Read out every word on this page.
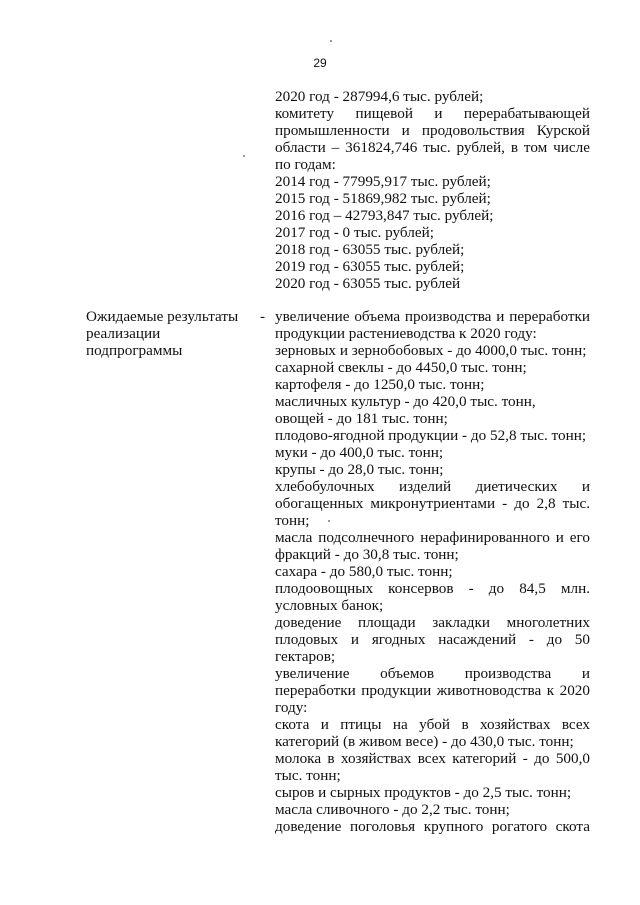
29
2020 год - 287994,6 тыс. рублей;
комитету пищевой и перерабатывающей
промышленности и продовольствия Курской
области – 361824,746 тыс. рублей, в том числе
по годам:
2014 год - 77995,917 тыс. рублей;
2015 год - 51869,982 тыс. рублей;
2016 год – 42793,847 тыс. рублей;
2017 год - 0 тыс. рублей;
2018 год - 63055 тыс. рублей;
2019 год - 63055 тыс. рублей;
2020 год - 63055 тыс. рублей
Ожидаемые результаты
реализации
подпрограммы
- увеличение объема производства и переработки
продукции растениеводства к 2020 году:
зерновых и зернобобовых - до 4000,0 тыс. тонн;
сахарной свеклы - до 4450,0 тыс. тонн;
картофеля - до 1250,0 тыс. тонн;
масличных культур - до 420,0 тыс. тонн,
овощей - до 181 тыс. тонн;
плодово-ягодной продукции - до 52,8 тыс. тонн;
муки - до 400,0 тыс. тонн;
крупы - до 28,0 тыс. тонн;
хлебобулочных изделий диетических и
обогащенных микронутриентами - до 2,8 тыс.
тонн;
масла подсолнечного нерафинированного и его
фракций - до 30,8 тыс. тонн;
сахара - до 580,0 тыс. тонн;
плодоовощных консервов - до 84,5 млн.
условных банок;
доведение площади закладки многолетних
плодовых и ягодных насаждений - до 50
гектаров;
увеличение объемов производства и
переработки продукции животноводства к 2020
году:
скота и птицы на убой в хозяйствах всех
категорий (в живом весе) - до 430,0 тыс. тонн;
молока в хозяйствах всех категорий - до 500,0
тыс. тонн;
сыров и сырных продуктов - до 2,5 тыс. тонн;
масла сливочного - до 2,2 тыс. тонн;
доведение поголовья крупного рогатого скота
